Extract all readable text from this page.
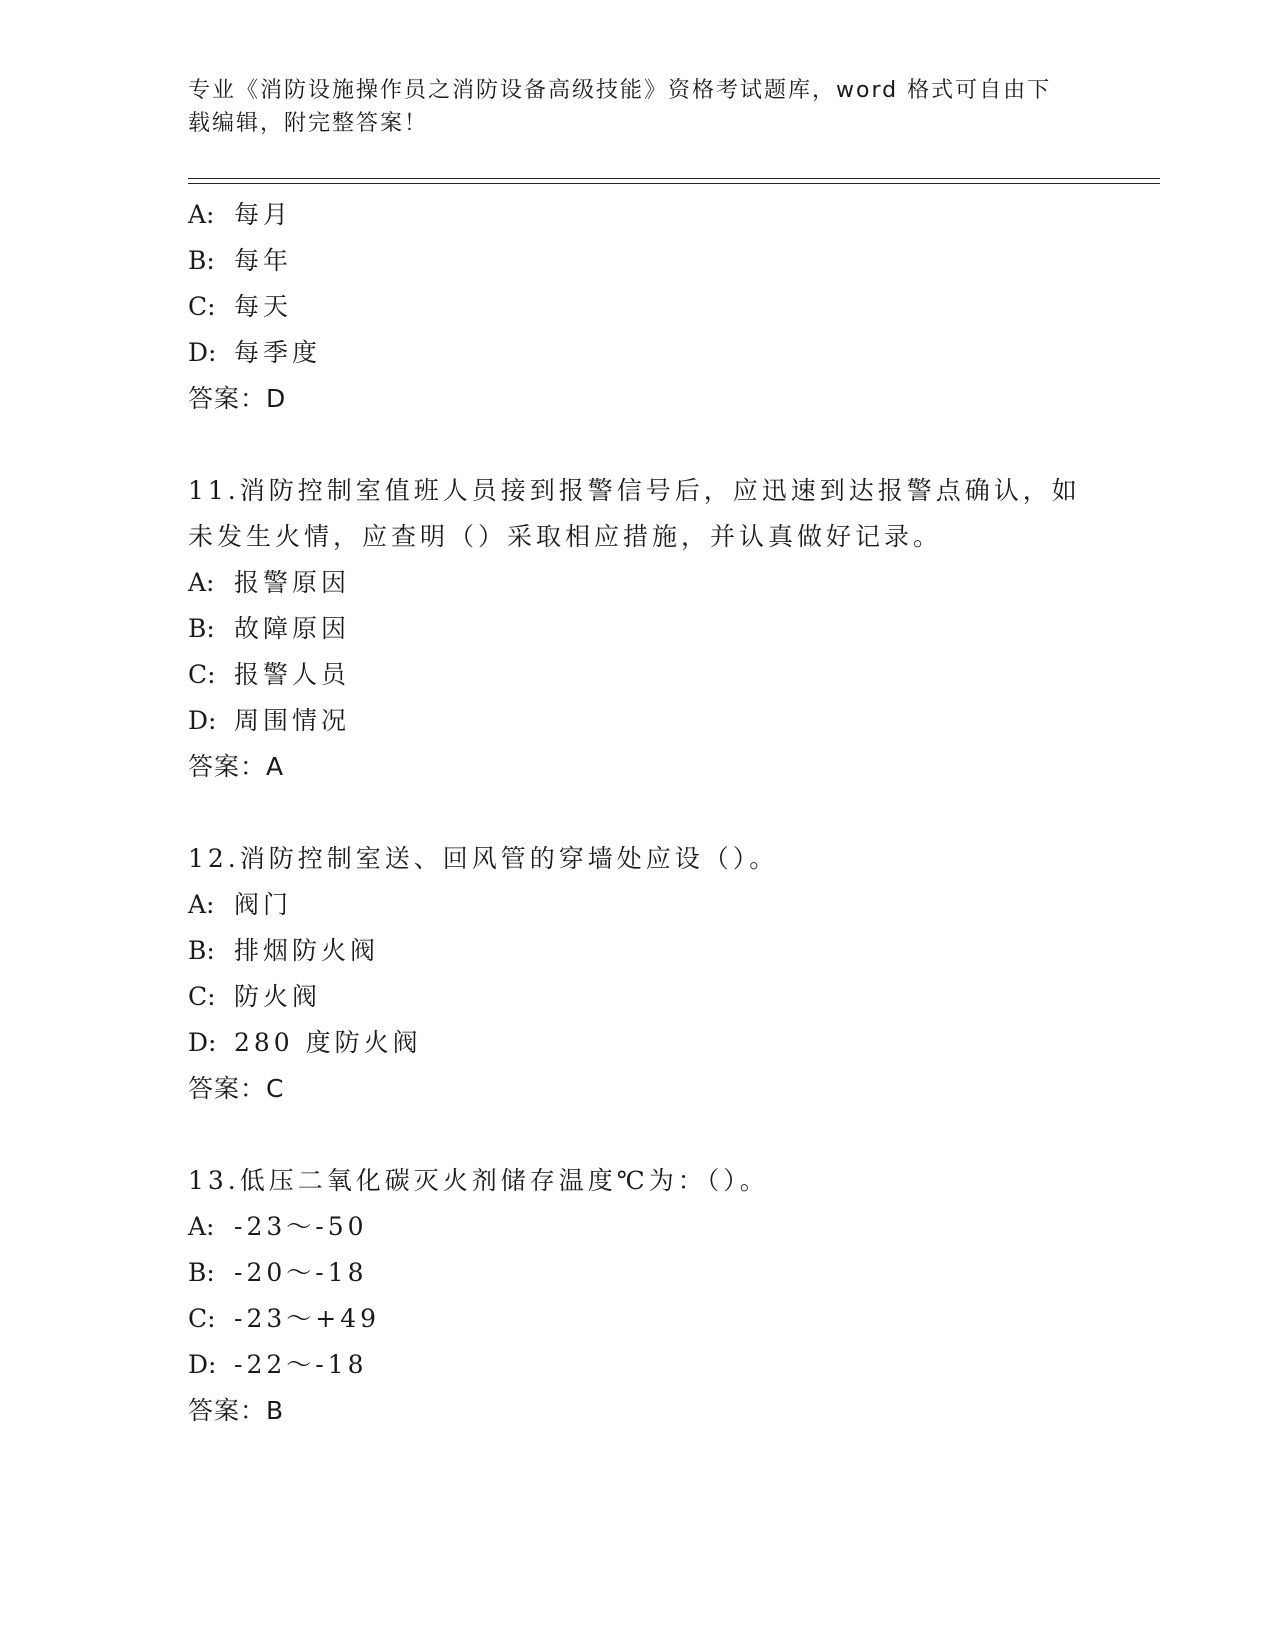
专业《消防设施操作员之消防设备高级技能》资格考试题库，word 格式可自由下
载编辑，附完整答案！
A: 每月
B: 每年
C: 每天
D: 每季度
答案：D
11.消防控制室值班人员接到报警信号后，应迅速到达报警点确认，如
未发生火情，应查明（）采取相应措施，并认真做好记录。
A: 报警原因
B: 故障原因
C: 报警人员
D: 周围情况
答案：A
12.消防控制室送、回风管的穿墙处应设（）。
A: 阀门
B: 排烟防火阀
C: 防火阀
D: 280 度防火阀
答案：C
13.低压二氧化碳灭火剂储存温度℃为：（）。
A: -23～-50
B: -20～-18
C: -23～+49
D: -22～-18
答案：B
